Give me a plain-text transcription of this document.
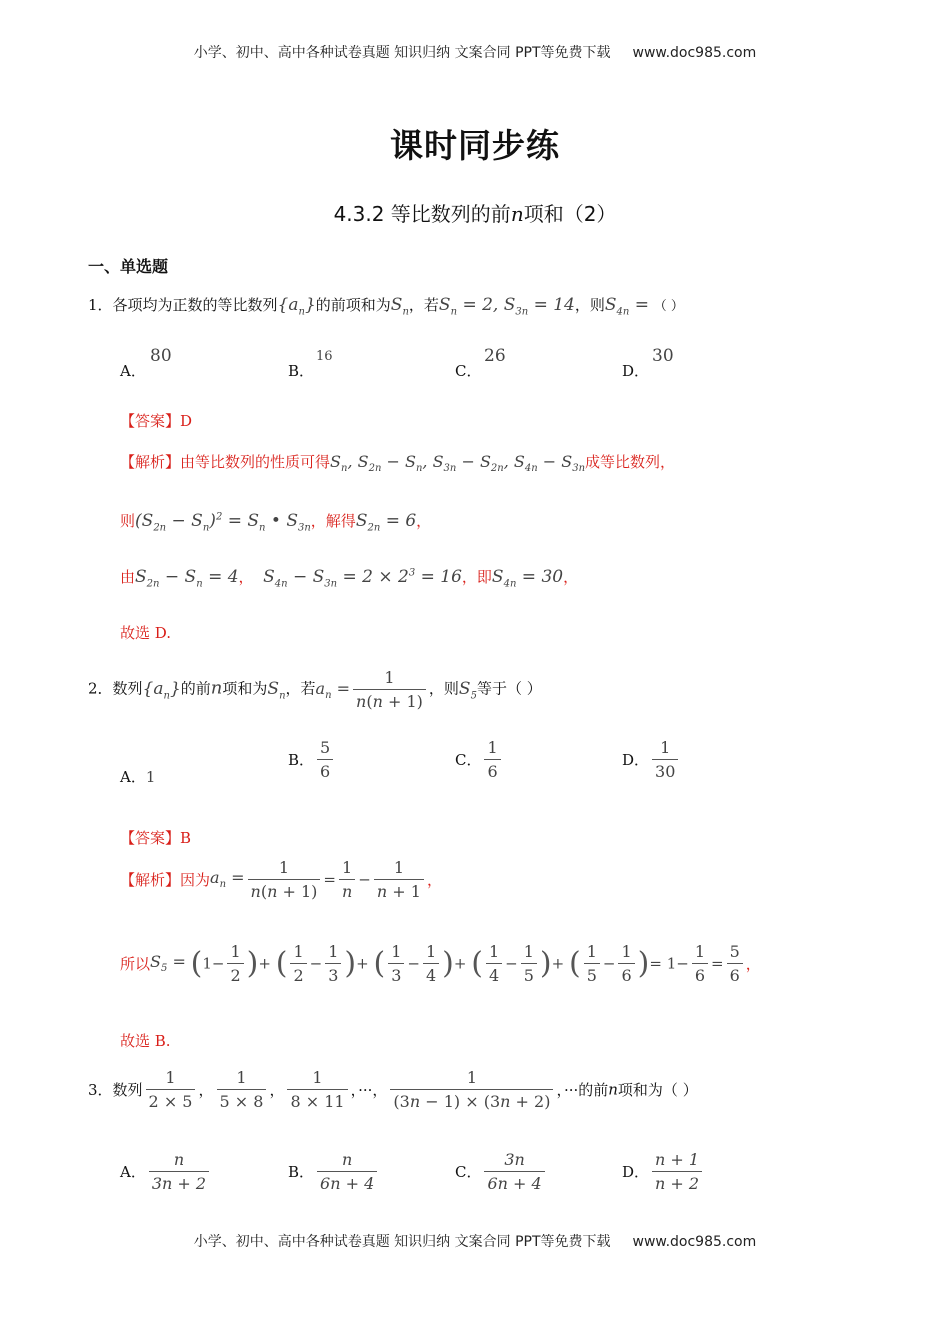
小学、初中、高中各种试卷真题 知识归纳 文案合同 PPT等免费下载 www.doc985.com
课时同步练
4.3.2 等比数列的前n项和（2）
一、单选题
1．各项均为正数的等比数列$\{a_n\}$的前项和为$S_n$，若$S_n = 2$, $S_{3n} = 14$，则$S_{4n}$ = （ ）
A．
80
B．
16
C．
26
D．
30
【答案】D
【解析】由等比数列的性质可得$S_n$, $S_{2n} - S_n$, $S_{3n} - S_{2n}$, $S_{4n} - S_{3n}$成等比数列，
则$(S_{2n} - S_n)^2 = S_n$ • $S_{3n}$，解得$S_{2n} = 6$，
由$S_{2n} - S_n = 4$， $S_{4n} - S_{3n} = 2 \times 2^3 = 16$，即$S_{4n} = 30$，
故选 D.
2．数列$\{a_n\}$的前n项和为$S_n$，若$a_n = \frac{1}{n(n + 1)}$ ，则$S_5$等于（ ）
A．1
B． $\frac{5}{6}$	C． $\frac{1}{6}$	D． $\frac{1}{30}$
【答案】B
【解析】因为$a_n = \frac{1}{n(n + 1)} = \frac{1}{n} - \frac{1}{n + 1}$ ，
所以$S_5 = (1- \frac{1}{2}$ )+ ( $\frac{1}{2} - \frac{1}{3}$ )+ ( $\frac{1}{3} - \frac{1}{4}$ )+ ( $\frac{1}{4} - \frac{1}{5}$ )+ ( $\frac{1}{5} - \frac{1}{6}$ )= $1- \frac{1}{6} = \frac{5}{6}$ ，
故选 B.
3．数列 $\frac{1}{2 \times 5}$ ， $\frac{1}{5 \times 8}$ ， $\frac{1}{8 \times 11}$ ，···， $\frac{1}{(3n - 1) \times (3n + 2)}$ ，···的前n项和为（ ）
A． $\frac{n}{3n + 2}$	B． $\frac{n}{6n + 4}$	C． $\frac{3n}{6n + 4}$	D． $\frac{n + 1}{n + 2}$
小学、初中、高中各种试卷真题 知识归纳 文案合同 PPT等免费下载 www.doc985.com
